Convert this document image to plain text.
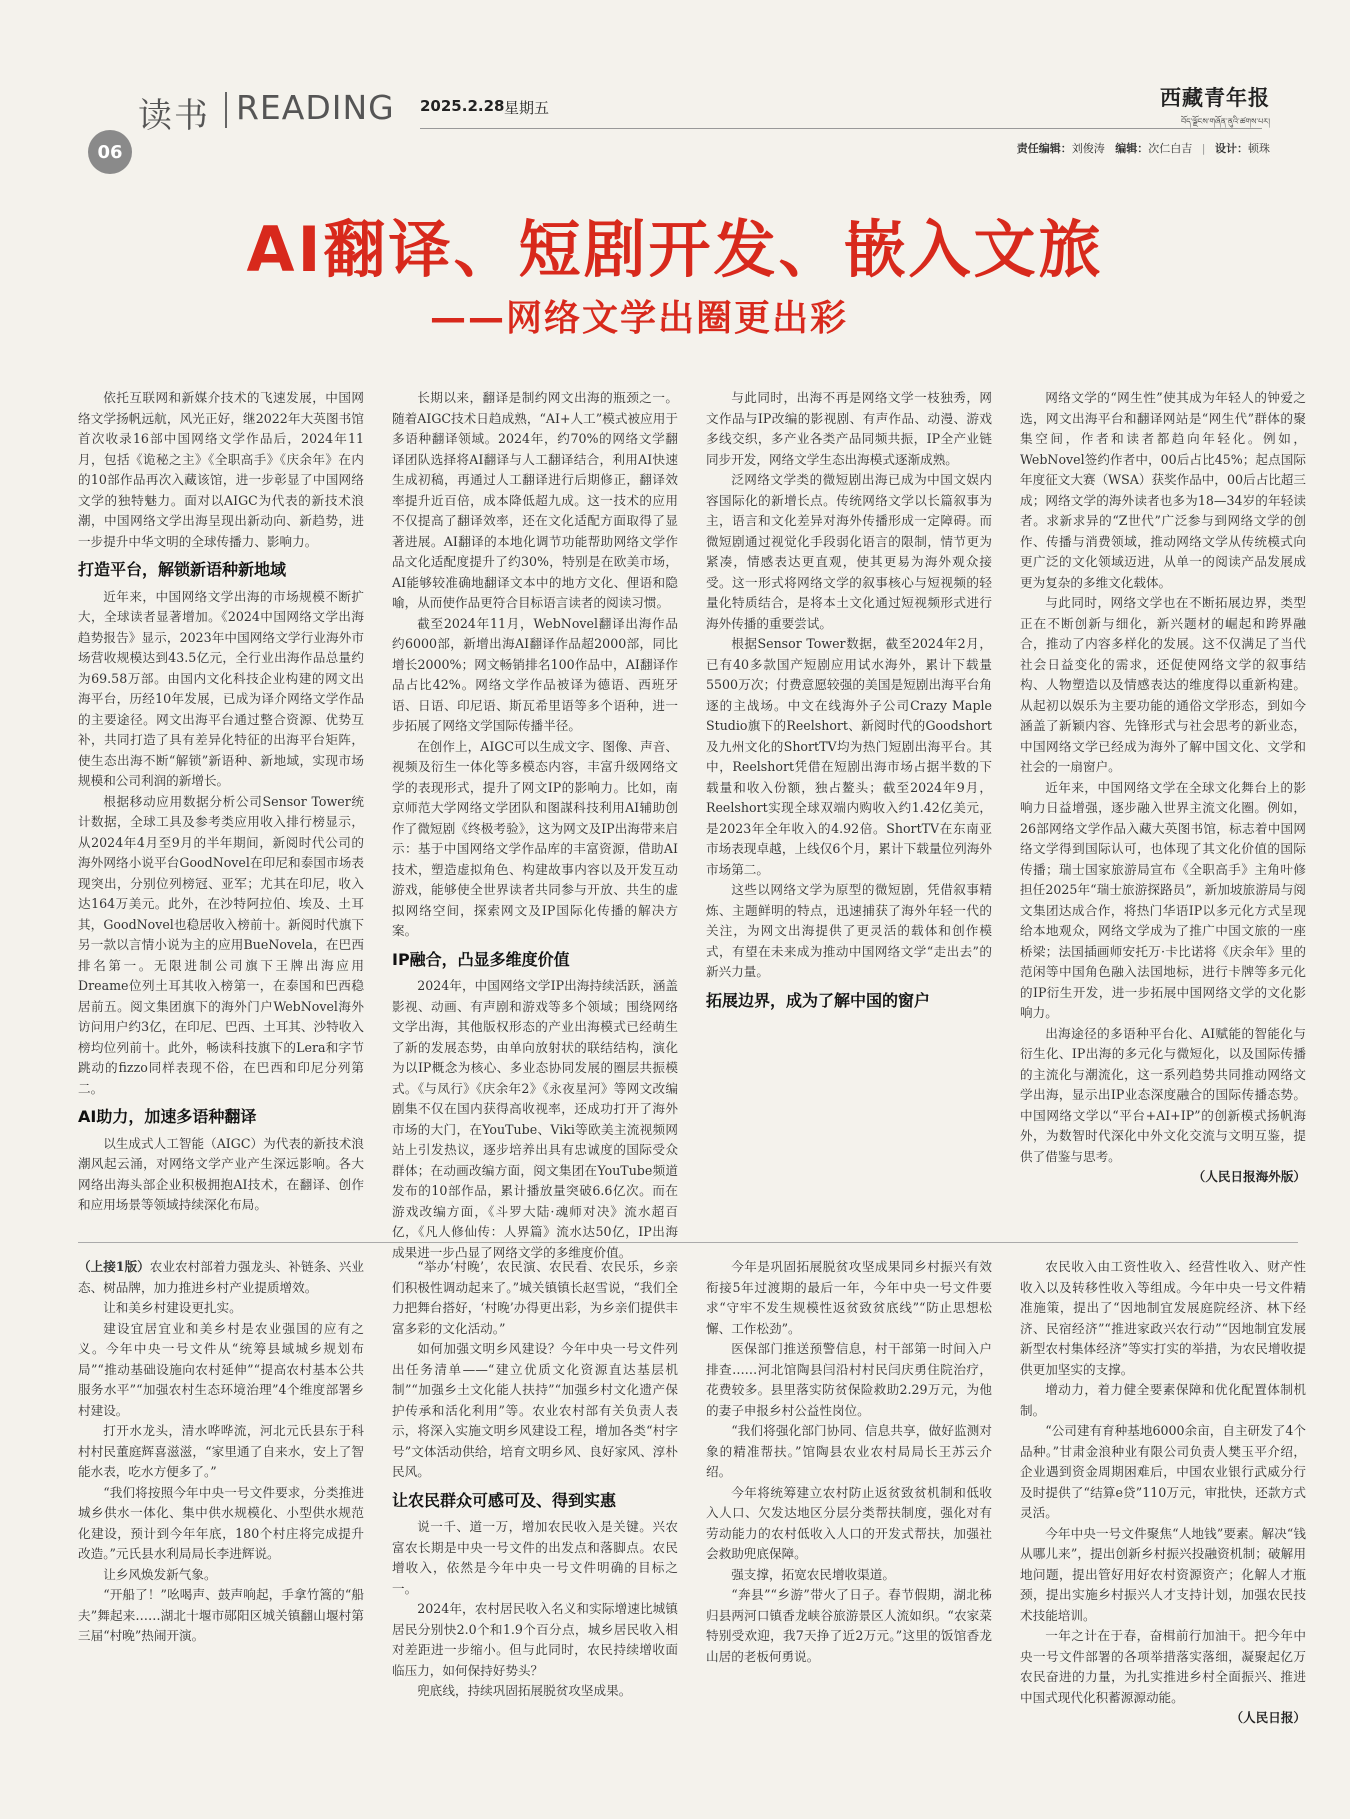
读书 READING 2025.2.28 星期五
06
西藏青年报
བོད་ལྗོངས་གཞོན་ནུའི་ཚགས་པར།
责任编辑：刘俊涛 编辑：次仁白吉 | 设计：顿珠
AI翻译、短剧开发、嵌入文旅
——网络文学出圈更出彩

依托互联网和新媒介技术的飞速发展，中国网络文学扬帆远航，风光正好，继2022年大英图书馆首次收录16部中国网络文学作品后，2024年11月，包括《诡秘之主》《全职高手》《庆余年》在内的10部作品再次入藏该馆，进一步彰显了中国网络文学的独特魅力。面对以AIGC为代表的新技术浪潮，中国网络文学出海呈现出新动向、新趋势，进一步提升中华文明的全球传播力、影响力。

打造平台，解锁新语种新地域

近年来，中国网络文学出海的市场规模不断扩大，全球读者显著增加。《2024中国网络文学出海趋势报告》显示，2023年中国网络文学行业海外市场营收规模达到43.5亿元，全行业出海作品总量约为69.58万部。由国内文化科技企业构建的网文出海平台，历经10年发展，已成为译介网络文学作品的主要途径。网文出海平台通过整合资源、优势互补，共同打造了具有差异化特征的出海平台矩阵，使生态出海不断“解锁”新语种、新地域，实现市场规模和公司利润的新增长。

根据移动应用数据分析公司Sensor Tower统计数据，全球工具及参考类应用收入排行榜显示，从2024年4月至9月的半年期间，新阅时代公司的海外网络小说平台GoodNovel在印尼和泰国市场表现突出，分别位列榜冠、亚军；尤其在印尼，收入达164万美元。此外，在沙特阿拉伯、埃及、土耳其，GoodNovel也稳居收入榜前十。新阅时代旗下另一款以言情小说为主的应用BueNovela，在巴西排名第一。无限进制公司旗下王牌出海应用Dreame位列土耳其收入榜第一，在泰国和巴西稳居前五。阅文集团旗下的海外门户WebNovel海外访问用户约3亿，在印尼、巴西、土耳其、沙特收入榜均位列前十。此外，畅读科技旗下的Lera和字节跳动的fizzo同样表现不俗，在巴西和印尼分列第二。

AI助力，加速多语种翻译

以生成式人工智能（AIGC）为代表的新技术浪潮风起云涌，对网络文学产业产生深远影响。各大网络出海头部企业积极拥抱AI技术，在翻译、创作和应用场景等领域持续深化布局。

长期以来，翻译是制约网文出海的瓶颈之一。随着AIGC技术日趋成熟，“AI+人工”模式被应用于多语种翻译领域。2024年，约70%的网络文学翻译团队选择将AI翻译与人工翻译结合，利用AI快速生成初稿，再通过人工翻译进行后期修正，翻译效率提升近百倍，成本降低超九成。这一技术的应用不仅提高了翻译效率，还在文化适配方面取得了显著进展。AI翻译的本地化调节功能帮助网络文学作品文化适配度提升了约30%，特别是在欧美市场，AI能够较准确地翻译文本中的地方文化、俚语和隐喻，从而使作品更符合目标语言读者的阅读习惯。

截至2024年11月，WebNovel翻译出海作品约6000部，新增出海AI翻译作品超2000部，同比增长2000%；网文畅销排名100作品中，AI翻译作品占比42%。网络文学作品被译为德语、西班牙语、日语、印尼语、斯瓦希里语等多个语种，进一步拓展了网络文学国际传播半径。

在创作上，AIGC可以生成文字、图像、声音、视频及衍生一体化等多模态内容，丰富升级网络文学的表现形式，提升了网文IP的影响力。比如，南京师范大学网络文学团队和图謀科技利用AI辅助创作了微短剧《终极考验》，这为网文及IP出海带来启示：基于中国网络文学作品库的丰富资源，借助AI技术，塑造虚拟角色、构建故事内容以及开发互动游戏，能够使全世界读者共同参与开放、共生的虚拟网络空间，探索网文及IP国际化传播的解决方案。

IP融合，凸显多维度价值

2024年，中国网络文学IP出海持续活跃，涵盖影视、动画、有声剧和游戏等多个领域；围绕网络文学出海，其他版权形态的产业出海模式已经萌生了新的发展态势，由单向放射状的联结结构，演化为以IP概念为核心、多业态协同发展的圈层共振模式。《与凤行》《庆余年2》《永夜星河》等网文改编剧集不仅在国内获得高收视率，还成功打开了海外市场的大门，在YouTube、Viki等欧美主流视频网站上引发热议，逐步培养出具有忠诚度的国际受众群体；在动画改编方面，阅文集团在YouTube频道发布的10部作品，累计播放量突破6.6亿次。而在游戏改编方面，《斗罗大陆·魂师对决》流水超百亿，《凡人修仙传：人界篇》流水达50亿，IP出海成果进一步凸显了网络文学的多维度价值。

与此同时，出海不再是网络文学一枝独秀，网文作品与IP改编的影视剧、有声作品、动漫、游戏多线交织，多产业各类产品同频共振，IP全产业链同步开发，网络文学生态出海模式逐渐成熟。

泛网络文学类的微短剧出海已成为中国文娱内容国际化的新增长点。传统网络文学以长篇叙事为主，语言和文化差异对海外传播形成一定障碍。而微短剧通过视觉化手段弱化语言的限制，情节更为紧凑，情感表达更直观，使其更易为海外观众接受。这一形式将网络文学的叙事核心与短视频的轻量化特质结合，是将本土文化通过短视频形式进行海外传播的重要尝试。

根据Sensor Tower数据，截至2024年2月，已有40多款国产短剧应用试水海外，累计下载量5500万次；付费意愿较强的美国是短剧出海平台角逐的主战场。中文在线海外子公司Crazy Maple Studio旗下的Reelshort、新阅时代的Goodshort及九州文化的ShortTV均为热门短剧出海平台。其中，Reelshort凭借在短剧出海市场占据半数的下载量和收入份额，独占鳌头；截至2024年9月，Reelshort实现全球双端内购收入约1.42亿美元，是2023年全年收入的4.92倍。ShortTV在东南亚市场表现卓越，上线仅6个月，累计下载量位列海外市场第二。

这些以网络文学为原型的微短剧，凭借叙事精炼、主题鲜明的特点，迅速捕获了海外年轻一代的关注，为网文出海提供了更灵活的载体和创作模式，有望在未来成为推动中国网络文学“走出去”的新兴力量。

拓展边界，成为了解中国的窗户

网络文学的“网生性”使其成为年轻人的钟爱之选，网文出海平台和翻译网站是“网生代”群体的聚集空间，作者和读者都趋向年轻化。例如，WebNovel签约作者中，00后占比45%；起点国际年度征文大赛（WSA）获奖作品中，00后占比超三成；网络文学的海外读者也多为18—34岁的年轻读者。求新求异的“Z世代”广泛参与到网络文学的创作、传播与消费领域，推动网络文学从传统模式向更广泛的文化领域迈进，从单一的阅读产品发展成更为复杂的多维文化载体。

与此同时，网络文学也在不断拓展边界，类型正在不断创新与细化，新兴题材的崛起和跨界融合，推动了内容多样化的发展。这不仅满足了当代社会日益变化的需求，还促使网络文学的叙事结构、人物塑造以及情感表达的维度得以重新构建。从起初以娱乐为主要功能的通俗文学形态，到如今涵盖了新颖内容、先锋形式与社会思考的新业态，中国网络文学已经成为海外了解中国文化、文学和社会的一扇窗户。

近年来，中国网络文学在全球文化舞台上的影响力日益增强，逐步融入世界主流文化圈。例如，26部网络文学作品入藏大英图书馆，标志着中国网络文学得到国际认可，也体现了其文化价值的国际传播；瑞士国家旅游局宣布《全职高手》主角叶修担任2025年“瑞士旅游探路员”，新加坡旅游局与阅文集团达成合作，将热门华语IP以多元化方式呈现给本地观众，网络文学成为了推广中国文旅的一座桥梁；法国插画师安托万·卡比诺将《庆余年》里的范闲等中国角色融入法国地标，进行卡牌等多元化的IP衍生开发，进一步拓展中国网络文学的文化影响力。

出海途径的多语种平台化、AI赋能的智能化与衍生化、IP出海的多元化与微短化，以及国际传播的主流化与潮流化，这一系列趋势共同推动网络文学出海，显示出IP业态深度融合的国际传播态势。中国网络文学以“平台+AI+IP”的创新模式扬帆海外，为数智时代深化中外文化交流与文明互鉴，提供了借鉴与思考。

（人民日报海外版）

（上接1版）农业农村部着力强龙头、补链条、兴业态、树品牌，加力推进乡村产业提质增效。

让和美乡村建设更扎实。

建设宜居宜业和美乡村是农业强国的应有之义。今年中央一号文件从“统筹县域城乡规划布局”“推动基础设施向农村延伸”“提高农村基本公共服务水平”“加强农村生态环境治理”4个维度部署乡村建设。

打开水龙头，清水哗哗流，河北元氏县东于科村村民董庭辉喜滋滋，“家里通了自来水，安上了智能水表，吃水方便多了。”

“我们将按照今年中央一号文件要求，分类推进城乡供水一体化、集中供水规模化、小型供水规范化建设，预计到今年年底，180个村庄将完成提升改造。”元氏县水利局局长李进辉说。

让乡风焕发新气象。

“开船了！”吆喝声、鼓声响起，手拿竹篙的“船夫”舞起来……湖北十堰市郧阳区城关镇翻山堰村第三届“村晚”热闹开演。

“举办‘村晚’，农民演、农民看、农民乐，乡亲们积极性调动起来了。”城关镇镇长赵雪说，“我们全力把舞台搭好，‘村晚’办得更出彩，为乡亲们提供丰富多彩的文化活动。”

如何加强文明乡风建设？今年中央一号文件列出任务清单——“建立优质文化资源直达基层机制”“加强乡土文化能人扶持”“加强乡村文化遗产保护传承和活化利用”等。农业农村部有关负责人表示，将深入实施文明乡风建设工程，增加各类“村字号”文体活动供给，培育文明乡风、良好家风、淳朴民风。

让农民群众可感可及、得到实惠

说一千、道一万，增加农民收入是关键。兴农富农长期是中央一号文件的出发点和落脚点。农民增收入，依然是今年中央一号文件明确的目标之一。

2024年，农村居民收入名义和实际增速比城镇居民分别快2.0个和1.9个百分点，城乡居民收入相对差距进一步缩小。但与此同时，农民持续增收面临压力，如何保持好势头？

兜底线，持续巩固拓展脱贫攻坚成果。

今年是巩固拓展脱贫攻坚成果同乡村振兴有效衔接5年过渡期的最后一年，今年中央一号文件要求“守牢不发生规模性返贫致贫底线”“防止思想松懈、工作松劲”。

医保部门推送预警信息，村干部第一时间入户排查……河北馆陶县闫沿村村民闫庆勇住院治疗，花费较多。县里落实防贫保险救助2.29万元，为他的妻子申报乡村公益性岗位。

“我们将强化部门协同、信息共享，做好监测对象的精准帮扶。”馆陶县农业农村局局长王苏云介绍。

今年将统筹建立农村防止返贫致贫机制和低收入人口、欠发达地区分层分类帮扶制度，强化对有劳动能力的农村低收入人口的开发式帮扶，加强社会救助兜底保障。

强支撑，拓宽农民增收渠道。

“奔县”“乡游”带火了日子。春节假期，湖北秭归县两河口镇香龙峡谷旅游景区人流如织。“农家菜特别受欢迎，我7天挣了近2万元。”这里的饭馆香龙山居的老板何勇说。

农民收入由工资性收入、经营性收入、财产性收入以及转移性收入等组成。今年中央一号文件精准施策，提出了“因地制宜发展庭院经济、林下经济、民宿经济”“推进家政兴农行动”“因地制宜发展新型农村集体经济”等实打实的举措，为农民增收提供更加坚实的支撑。

增动力，着力健全要素保障和优化配置体制机制。

“公司建有育种基地6000余亩，自主研发了4个品种。”甘肃金浪种业有限公司负责人樊玉平介绍，企业遇到资金周期困难后，中国农业银行武威分行及时提供了“结算e贷”110万元，审批快，还款方式灵活。

今年中央一号文件聚焦“人地钱”要素。解决“钱从哪儿来”，提出创新乡村振兴投融资机制；破解用地问题，提出管好用好农村资源资产；化解人才瓶颈，提出实施乡村振兴人才支持计划，加强农民技术技能培训。

一年之计在于春，奋楫前行加油干。把今年中央一号文件部署的各项举措落实落细，凝聚起亿万农民奋进的力量，为扎实推进乡村全面振兴、推进中国式现代化积蓄源源动能。

（人民日报）
